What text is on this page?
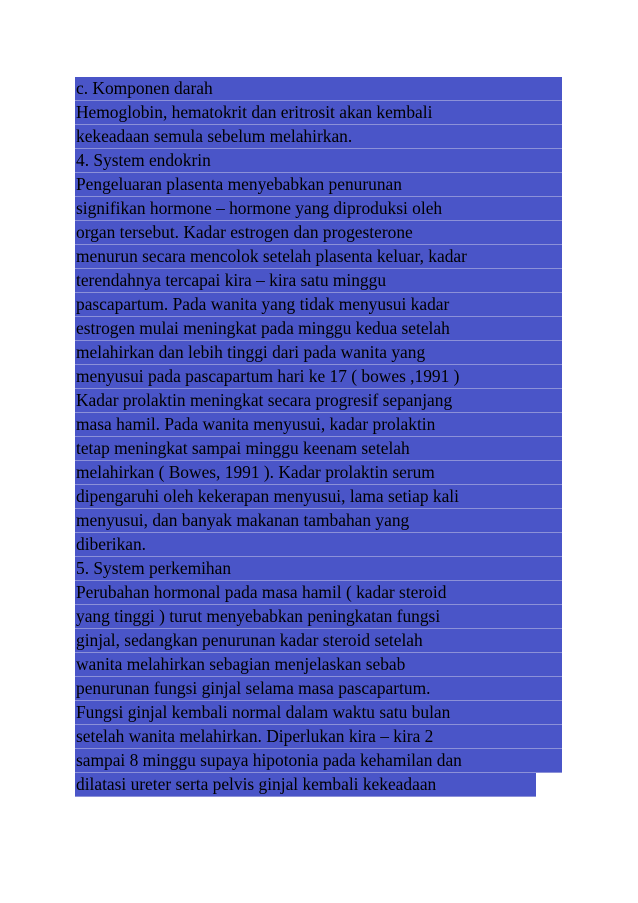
c. Komponen darah
Hemoglobin, hematokrit dan eritrosit akan kembali
kekeadaan semula sebelum melahirkan.
4. System endokrin
Pengeluaran plasenta menyebabkan penurunan
signifikan hormone – hormone yang diproduksi oleh
organ tersebut. Kadar estrogen dan progesterone
menurun secara mencolok setelah plasenta keluar, kadar
terendahnya tercapai kira – kira satu minggu
pascapartum. Pada wanita yang tidak menyusui kadar
estrogen mulai meningkat pada minggu kedua setelah
melahirkan dan lebih tinggi dari pada wanita yang
menyusui pada pascapartum hari ke 17 ( bowes ,1991 )
Kadar prolaktin meningkat secara progresif sepanjang
masa hamil. Pada wanita menyusui, kadar prolaktin
tetap meningkat sampai minggu keenam setelah
melahirkan ( Bowes, 1991 ). Kadar prolaktin serum
dipengaruhi oleh kekerapan menyusui, lama setiap kali
menyusui, dan banyak makanan tambahan yang
diberikan.
5. System perkemihan
Perubahan hormonal pada masa hamil ( kadar steroid
yang tinggi ) turut menyebabkan peningkatan fungsi
ginjal, sedangkan penurunan kadar steroid setelah
wanita melahirkan sebagian menjelaskan sebab
penurunan fungsi ginjal selama masa pascapartum.
Fungsi ginjal kembali normal dalam waktu satu bulan
setelah wanita melahirkan. Diperlukan kira – kira 2
sampai 8 minggu supaya hipotonia pada kehamilan dan
dilatasi ureter serta pelvis ginjal kembali kekeadaan
